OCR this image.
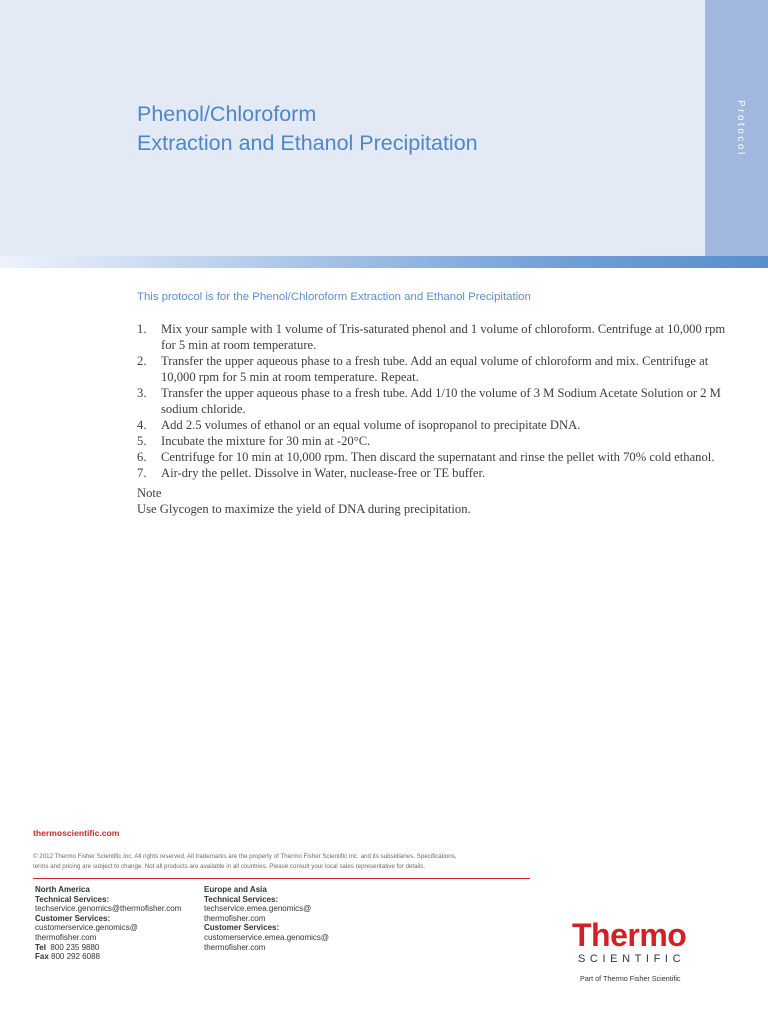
Protocol
Phenol/Chloroform
Extraction and Ethanol Precipitation

This protocol is for the Phenol/Chloroform Extraction and Ethanol Precipitation

1. Mix your sample with 1 volume of Tris-saturated phenol and 1 volume of chloroform. Centrifuge at 10,000 rpm for 5 min at room temperature.
2. Transfer the upper aqueous phase to a fresh tube. Add an equal volume of chloroform and mix. Centrifuge at 10,000 rpm for 5 min at room temperature. Repeat.
3. Transfer the upper aqueous phase to a fresh tube. Add 1/10 the volume of 3 M Sodium Acetate Solution or 2 M sodium chloride.
4. Add 2.5 volumes of ethanol or an equal volume of isopropanol to precipitate DNA.
5. Incubate the mixture for 30 min at -20°C.
6. Centrifuge for 10 min at 10,000 rpm. Then discard the supernatant and rinse the pellet with 70% cold ethanol.
7. Air-dry the pellet. Dissolve in Water, nuclease-free or TE buffer.
Note
Use Glycogen to maximize the yield of DNA during precipitation.
thermoscientific.com
© 2012 Thermo Fisher Scientific Inc. All rights reserved. All trademarks are the property of Thermo Fisher Scientific Inc. and its subsidiaries. Specifications,
terms and pricing are subject to change. Not all products are available in all countries. Please consult your local sales representative for details.
North America
Technical Services:
techservice.genomics@thermofisher.com
Customer Services:
customerservice.genomics@
thermofisher.com
Tel 800 235 9880
Fax 800 292 6088
Europe and Asia
Technical Services:
techservice.emea.genomics@
thermofisher.com
Customer Services:
customerservice.emea.genomics@
thermofisher.com	Thermo
SCIENTIFIC
Part of Thermo Fisher Scientific
